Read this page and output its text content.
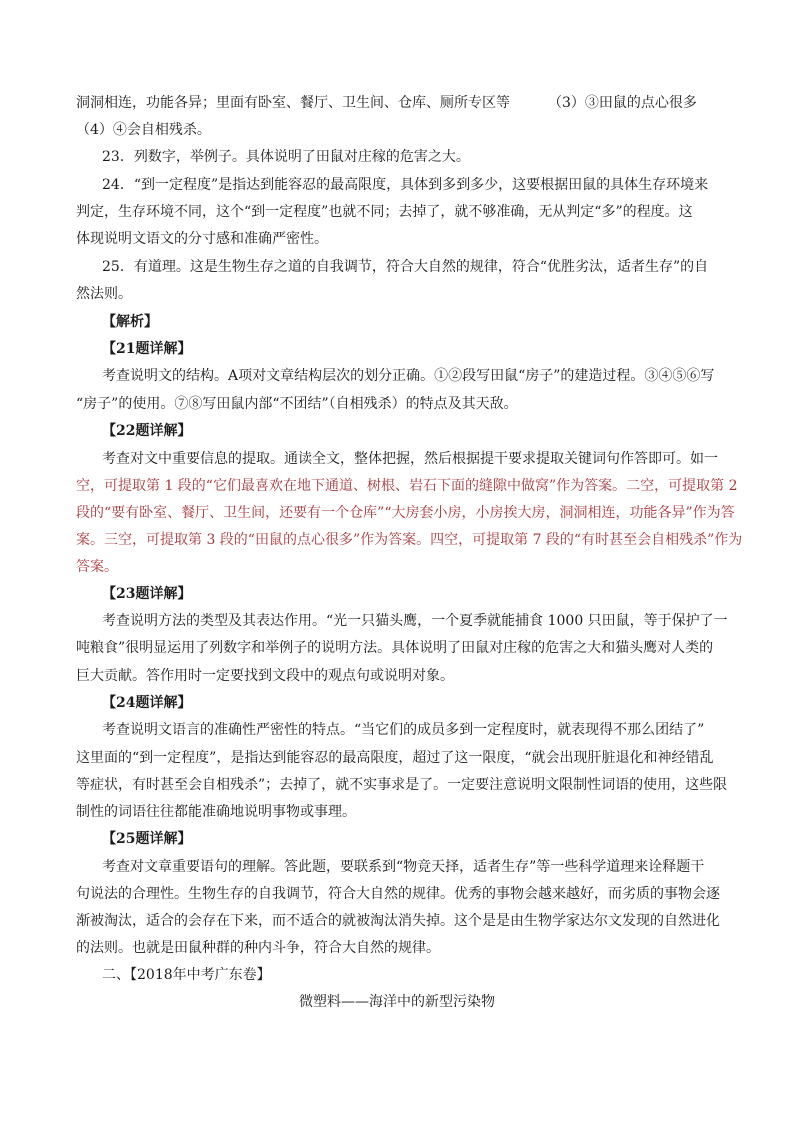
洞洞相连，功能各异；里面有卧室、餐厅、卫生间、仓库、厕所专区等	（3）③田鼠的点心很多
（4）④会自相残杀。
23．列数字，举例子。具体说明了田鼠对庄稼的危害之大。
24．“到一定程度”是指达到能容忍的最高限度，具体到多到多少，这要根据田鼠的具体生存环境来
判定，生存环境不同，这个“到一定程度”也就不同；去掉了，就不够准确，无从判定“多”的程度。这
体现说明文语文的分寸感和准确严密性。
25．有道理。这是生物生存之道的自我调节，符合大自然的规律，符合“优胜劣汰，适者生存”的自
然法则。
【解析】
【21题详解】
考查说明文的结构。A项对文章结构层次的划分正确。①②段写田鼠“房子”的建造过程。③④⑤⑥写
“房子”的使用。⑦⑧写田鼠内部“不团结”（自相残杀）的特点及其天敌。
【22题详解】
考查对文中重要信息的提取。通读全文，整体把握，然后根据提干要求提取关键词句作答即可。如一
空，可提取第 1 段的“它们最喜欢在地下通道、树根、岩石下面的缝隙中做窝”作为答案。二空，可提取第 2
段的“要有卧室、餐厅、卫生间，还要有一个仓库”“大房套小房，小房挨大房，洞洞相连，功能各异”作为答
案。三空，可提取第 3 段的“田鼠的点心很多”作为答案。四空，可提取第 7 段的“有时甚至会自相残杀”作为
答案。
【23题详解】
考查说明方法的类型及其表达作用。“光一只猫头鹰，一个夏季就能捕食 1000 只田鼠，等于保护了一
吨粮食”很明显运用了列数字和举例子的说明方法。具体说明了田鼠对庄稼的危害之大和猫头鹰对人类的
巨大贡献。答作用时一定要找到文段中的观点句或说明对象。
【24题详解】
考查说明文语言的准确性严密性的特点。“当它们的成员多到一定程度时，就表现得不那么团结了”
这里面的“到一定程度”，是指达到能容忍的最高限度，超过了这一限度，“就会出现肝脏退化和神经错乱
等症状，有时甚至会自相残杀”；去掉了，就不实事求是了。一定要注意说明文限制性词语的使用，这些限
制性的词语往往都能准确地说明事物或事理。
【25题详解】
考查对文章重要语句的理解。答此题，要联系到“物竞天择，适者生存”等一些科学道理来诠释题干
句说法的合理性。生物生存的自我调节，符合大自然的规律。优秀的事物会越来越好，而劣质的事物会逐
渐被淘汰，适合的会存在下来，而不适合的就被淘汰消失掉。这个是是由生物学家达尔文发现的自然进化
的法则。也就是田鼠种群的种内斗争，符合大自然的规律。
二、【2018年中考广东卷】
微塑料——海洋中的新型污染物
